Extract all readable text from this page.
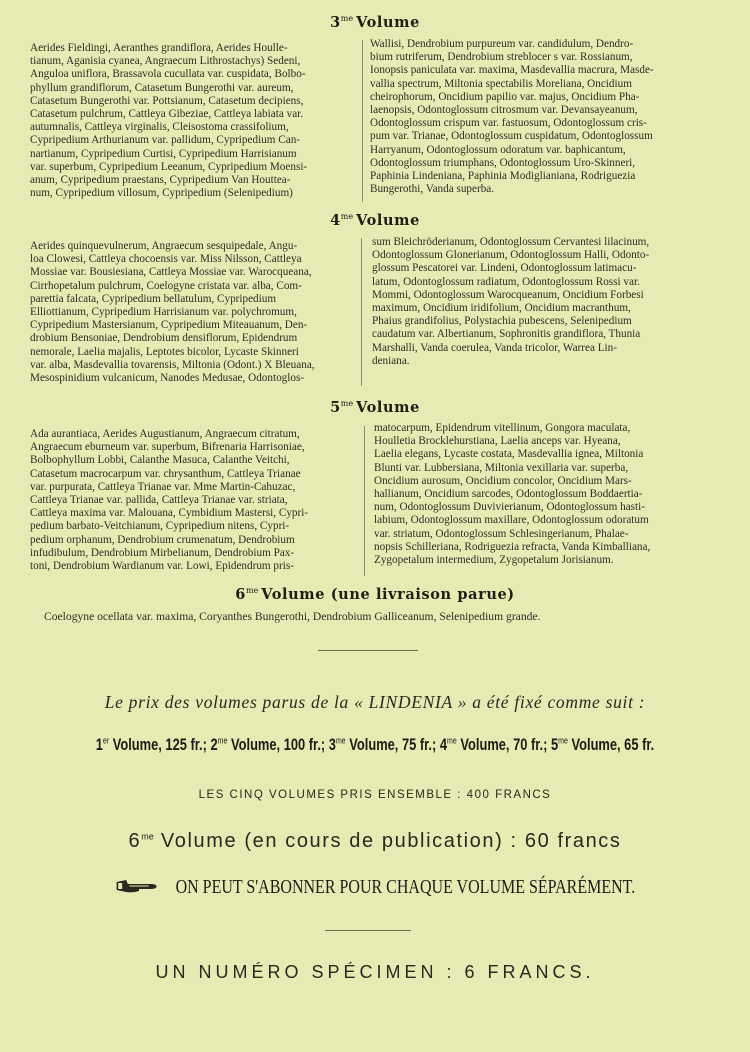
$3^{me}$ Volume
Aerides Fieldingi, Aeranthes grandiflora, Aerides Houlle-
tianum, Aganisia cyanea, Angraecum Lithrostachys) Sedeni,
Anguloa uniflora, Brassavola cucullata var. cuspidata, Bolbo-
phyllum grandiflorum, Catasetum Bungerothi var. aureum,
Catasetum Bungerothi var. Pottsianum, Catasetum decipiens,
Catasetum pulchrum, Cattleya Gibeziae, Cattleya labiata var.
autumnalis, Cattleya virginalis, Cleisostoma crassifolium,
Cypripedium Arthurianum var. pallidum, Cypripedium Can-
nartianum, Cypripedium Curtisi, Cypripedium Harrisianum
var. superbum, Cypripedium Leeanum, Cypripedium Moensi-
anum, Cypripedium praestans, Cypripedium Van Houttea-
num, Cypripedium villosum, Cypripedium (Selenipedium)
Wallisi, Dendrobium purpureum var. candidulum, Dendro-
bium rutriferum, Dendrobium streblocer s var. Rossianum,
Ionopsis paniculata var. maxima, Masdevallia macrura, Masde-
vallia spectrum, Miltonia spectabilis Moreliana, Oncidium
cheirophorum, Oncidium papilio var. majus, Oncidium Pha-
laenopsis, Odontoglossum citrosmum var. Devansayeanum,
Odontoglossum crispum var. fastuosum, Odontoglossum cris-
pum var. Trianae, Odontoglossum cuspidatum, Odontoglossum
Harryanum, Odontoglossum odoratum var. baphicantum,
Odontoglossum triumphans, Odontoglossum Uro-Skinneri,
Paphinia Lindeniana, Paphinia Modiglianiana, Rodriguezia
Bungerothi, Vanda superba.
$4^{me}$ Volume
Aerides quinquevulnerum, Angraecum sesquipedale, Angu-
loa Clowesi, Cattleya chocoensis var. Miss Nilsson, Cattleya
Mossiae var. Bousiesiana, Cattleya Mossiae var. Warocqueana,
Cirrhopetalum pulchrum, Coelogyne cristata var. alba, Com-
parettia falcata, Cypripedium bellatulum, Cypripedium
Elliottianum, Cypripedium Harrisianum var. polychromum,
Cypripedium Mastersianum, Cypripedium Miteauanum, Den-
drobium Bensoniae, Dendrobium densiflorum, Epidendrum
nemorale, Laelia majalis, Leptotes bicolor, Lycaste Skinneri
var. alba, Masdevallia tovarensis, Miltonia (Odont.) X Bleuana,
Mesospinidium vulcanicum, Nanodes Medusae, Odontoglos-
sum Bleichröderianum, Odontoglossum Cervantesi lilacinum,
Odontoglossum Glonerianum, Odontoglossum Halli, Odonto-
glossum Pescatorei var. Lindeni, Odontoglossum latimacu-
latum, Odontoglossum radiatum, Odontoglossum Rossi var.
Mommi, Odontoglossum Warocqueanum, Oncidium Forbesi
maximum, Oncidium iridifolium, Oncidium macranthum,
Phaius grandifolius, Polystachia pubescens, Selenipedium
caudatum var. Albertianum, Sophronitis grandiflora, Thunia
Marshalli, Vanda coerulea, Vanda tricolor, Warrea Lin-
deniana.
$5^{me}$ Volume
Ada aurantiaca, Aerides Augustianum, Angraecum citratum,
Angraecum eburneum var. superbum, Bifrenaria Harrisoniae,
Bolbophyllum Lobbi, Calanthe Masuca, Calanthe Veitchi,
Catasetum macrocarpum var. chrysanthum, Cattleya Trianae
var. purpurata, Cattleya Trianae var. Mme Martin-Cahuzac,
Cattleya Trianae var. pallida, Cattleya Trianae var. striata,
Cattleya maxima var. Malouana, Cymbidium Mastersi, Cypri-
pedium barbato-Veitchianum, Cypripedium nitens, Cypri-
pedium orphanum, Dendrobium crumenatum, Dendrobium
infudibulum, Dendrobium Mirbelianum, Dendrobium Pax-
toni, Dendrobium Wardianum var. Lowi, Epidendrum pris-
matocarpum, Epidendrum vitellinum, Gongora maculata,
Houlletia Brocklehurstiana, Laelia anceps var. Hyeana,
Laelia elegans, Lycaste costata, Masdevallia ignea, Miltonia
Blunti var. Lubbersiana, Miltonia vexillaria var. superba,
Oncidium aurosum, Oncidium concolor, Oncidium Mars-
hallianum, Oncidium sarcodes, Odontoglossum Boddaertia-
num, Odontoglossum Duvivierianum, Odontoglossum hasti-
labium, Odontoglossum maxillare, Odontoglossum odoratum
var. striatum, Odontoglossum Schlesingerianum, Phalae-
nopsis Schilleriana, Rodriguezia refracta, Vanda Kimballiana,
Zygopetalum intermedium, Zygopetalum Jorisianum.
$6^{me}$ Volume (une livraison parue)
Coelogyne ocellata var. maxima, Coryanthes Bungerothi, Dendrobium Galliceanum, Selenipedium grande.
Le prix des volumes parus de la « LINDENIA » a été fixé comme suit :
1er Volume, 125 fr.; $2^{me}$ Volume, 100 fr.; $3^{me}$ Volume, 75 fr.; $4^{me}$ Volume, 70 fr.; $5^{me}$ Volume, 65 fr.
LES CINQ VOLUMES PRIS ENSEMBLE : 400 FRANCS
$6^{me}$ Volume (en cours de publication) : 60 francs
ON PEUT S'ABONNER POUR CHAQUE VOLUME SÉPARÉMENT.
UN NUMÉRO SPÉCIMEN : 6 FRANCS.
